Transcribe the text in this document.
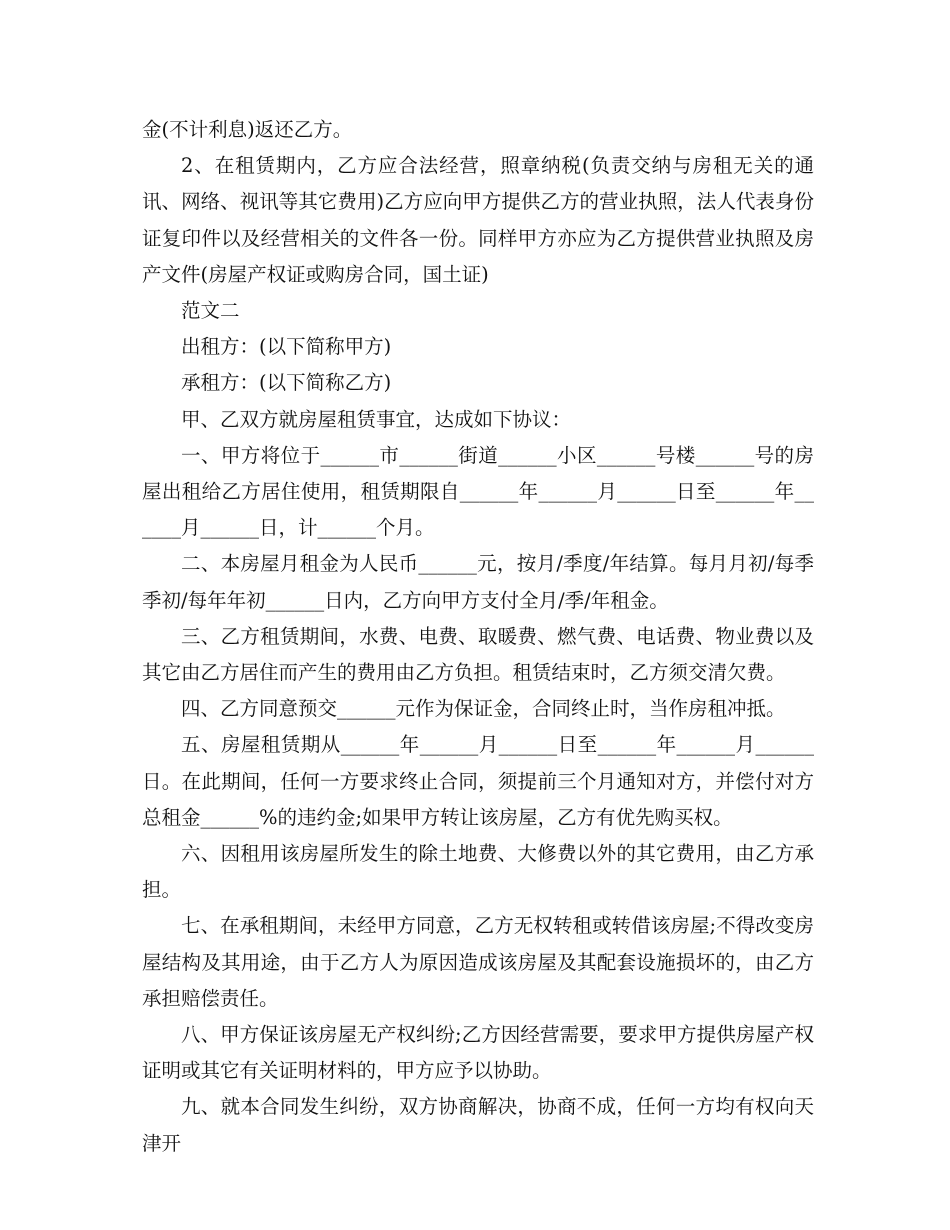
金(不计利息)返还乙方。

2、在租赁期内，乙方应合法经营，照章纳税(负责交纳与房租无关的通讯、网络、视讯等其它费用)乙方应向甲方提供乙方的营业执照，法人代表身份证复印件以及经营相关的文件各一份。同样甲方亦应为乙方提供营业执照及房产文件(房屋产权证或购房合同，国土证)

范文二

出租方：(以下简称甲方)

承租方：(以下简称乙方)

甲、乙双方就房屋租赁事宜，达成如下协议：

一、甲方将位于______市______街道______小区______号楼______号的房屋出租给乙方居住使用，租赁期限自______年______月______日至______年______月______日，计______个月。

二、本房屋月租金为人民币______元，按月/季度/年结算。每月月初/每季季初/每年年初______日内，乙方向甲方支付全月/季/年租金。

三、乙方租赁期间，水费、电费、取暖费、燃气费、电话费、物业费以及其它由乙方居住而产生的费用由乙方负担。租赁结束时，乙方须交清欠费。

四、乙方同意预交______元作为保证金，合同终止时，当作房租冲抵。

五、房屋租赁期从______年______月______日至______年______月______日。在此期间，任何一方要求终止合同，须提前三个月通知对方，并偿付对方总租金______%的违约金;如果甲方转让该房屋，乙方有优先购买权。

六、因租用该房屋所发生的除土地费、大修费以外的其它费用，由乙方承担。

七、在承租期间，未经甲方同意，乙方无权转租或转借该房屋;不得改变房屋结构及其用途，由于乙方人为原因造成该房屋及其配套设施损坏的，由乙方承担赔偿责任。

八、甲方保证该房屋无产权纠纷;乙方因经营需要，要求甲方提供房屋产权证明或其它有关证明材料的，甲方应予以协助。

九、就本合同发生纠纷，双方协商解决，协商不成，任何一方均有权向天津开
